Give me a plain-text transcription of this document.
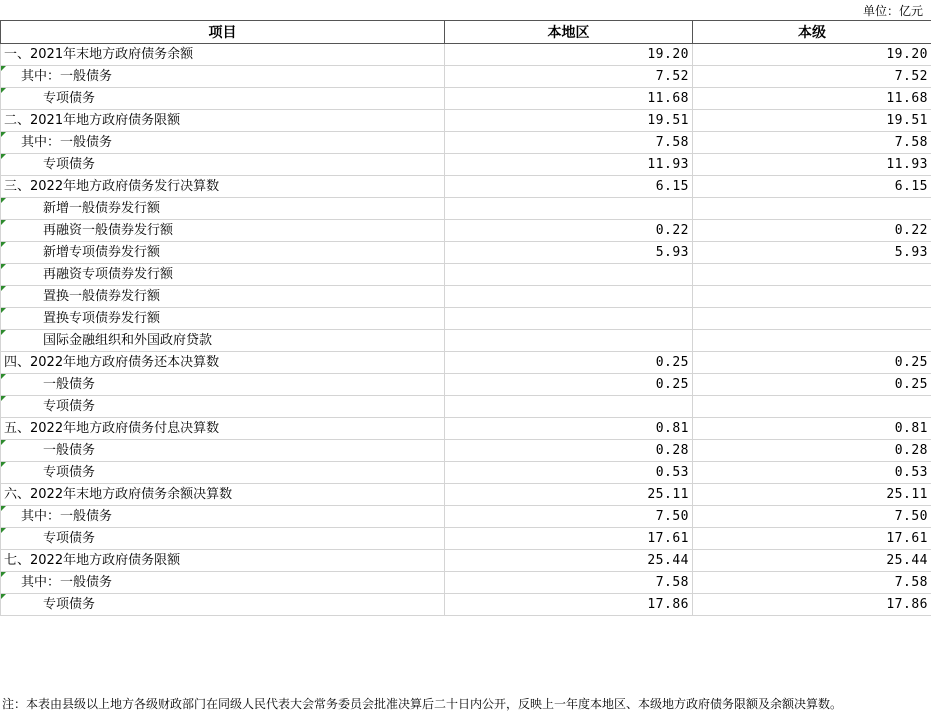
单位：亿元
项目	本地区	本级
一、2021年末地方政府债务余额	19.20	19.20

其中：一般债务	7.52	7.52

专项债务	11.68	11.68
二、2021年地方政府债务限额	19.51	19.51

其中：一般债务	7.58	7.58

专项债务	11.93	11.93
三、2022年地方政府债务发行决算数	6.15	6.15

新增一般债券发行额		

再融资一般债券发行额	0.22	0.22

新增专项债券发行额	5.93	5.93

再融资专项债券发行额		

置换一般债券发行额		

置换专项债券发行额		

国际金融组织和外国政府贷款		
四、2022年地方政府债务还本决算数	0.25	0.25

一般债务	0.25	0.25

专项债务		
五、2022年地方政府债务付息决算数	0.81	0.81

一般债务	0.28	0.28

专项债务	0.53	0.53
六、2022年末地方政府债务余额决算数	25.11	25.11

其中：一般债务	7.50	7.50

专项债务	17.61	17.61
七、2022年地方政府债务限额	25.44	25.44

其中：一般债务	7.58	7.58

专项债务	17.86	17.86
注：本表由县级以上地方各级财政部门在同级人民代表大会常务委员会批准决算后二十日内公开，反映上一年度本地区、本级地方政府债务限额及余额决算数。
